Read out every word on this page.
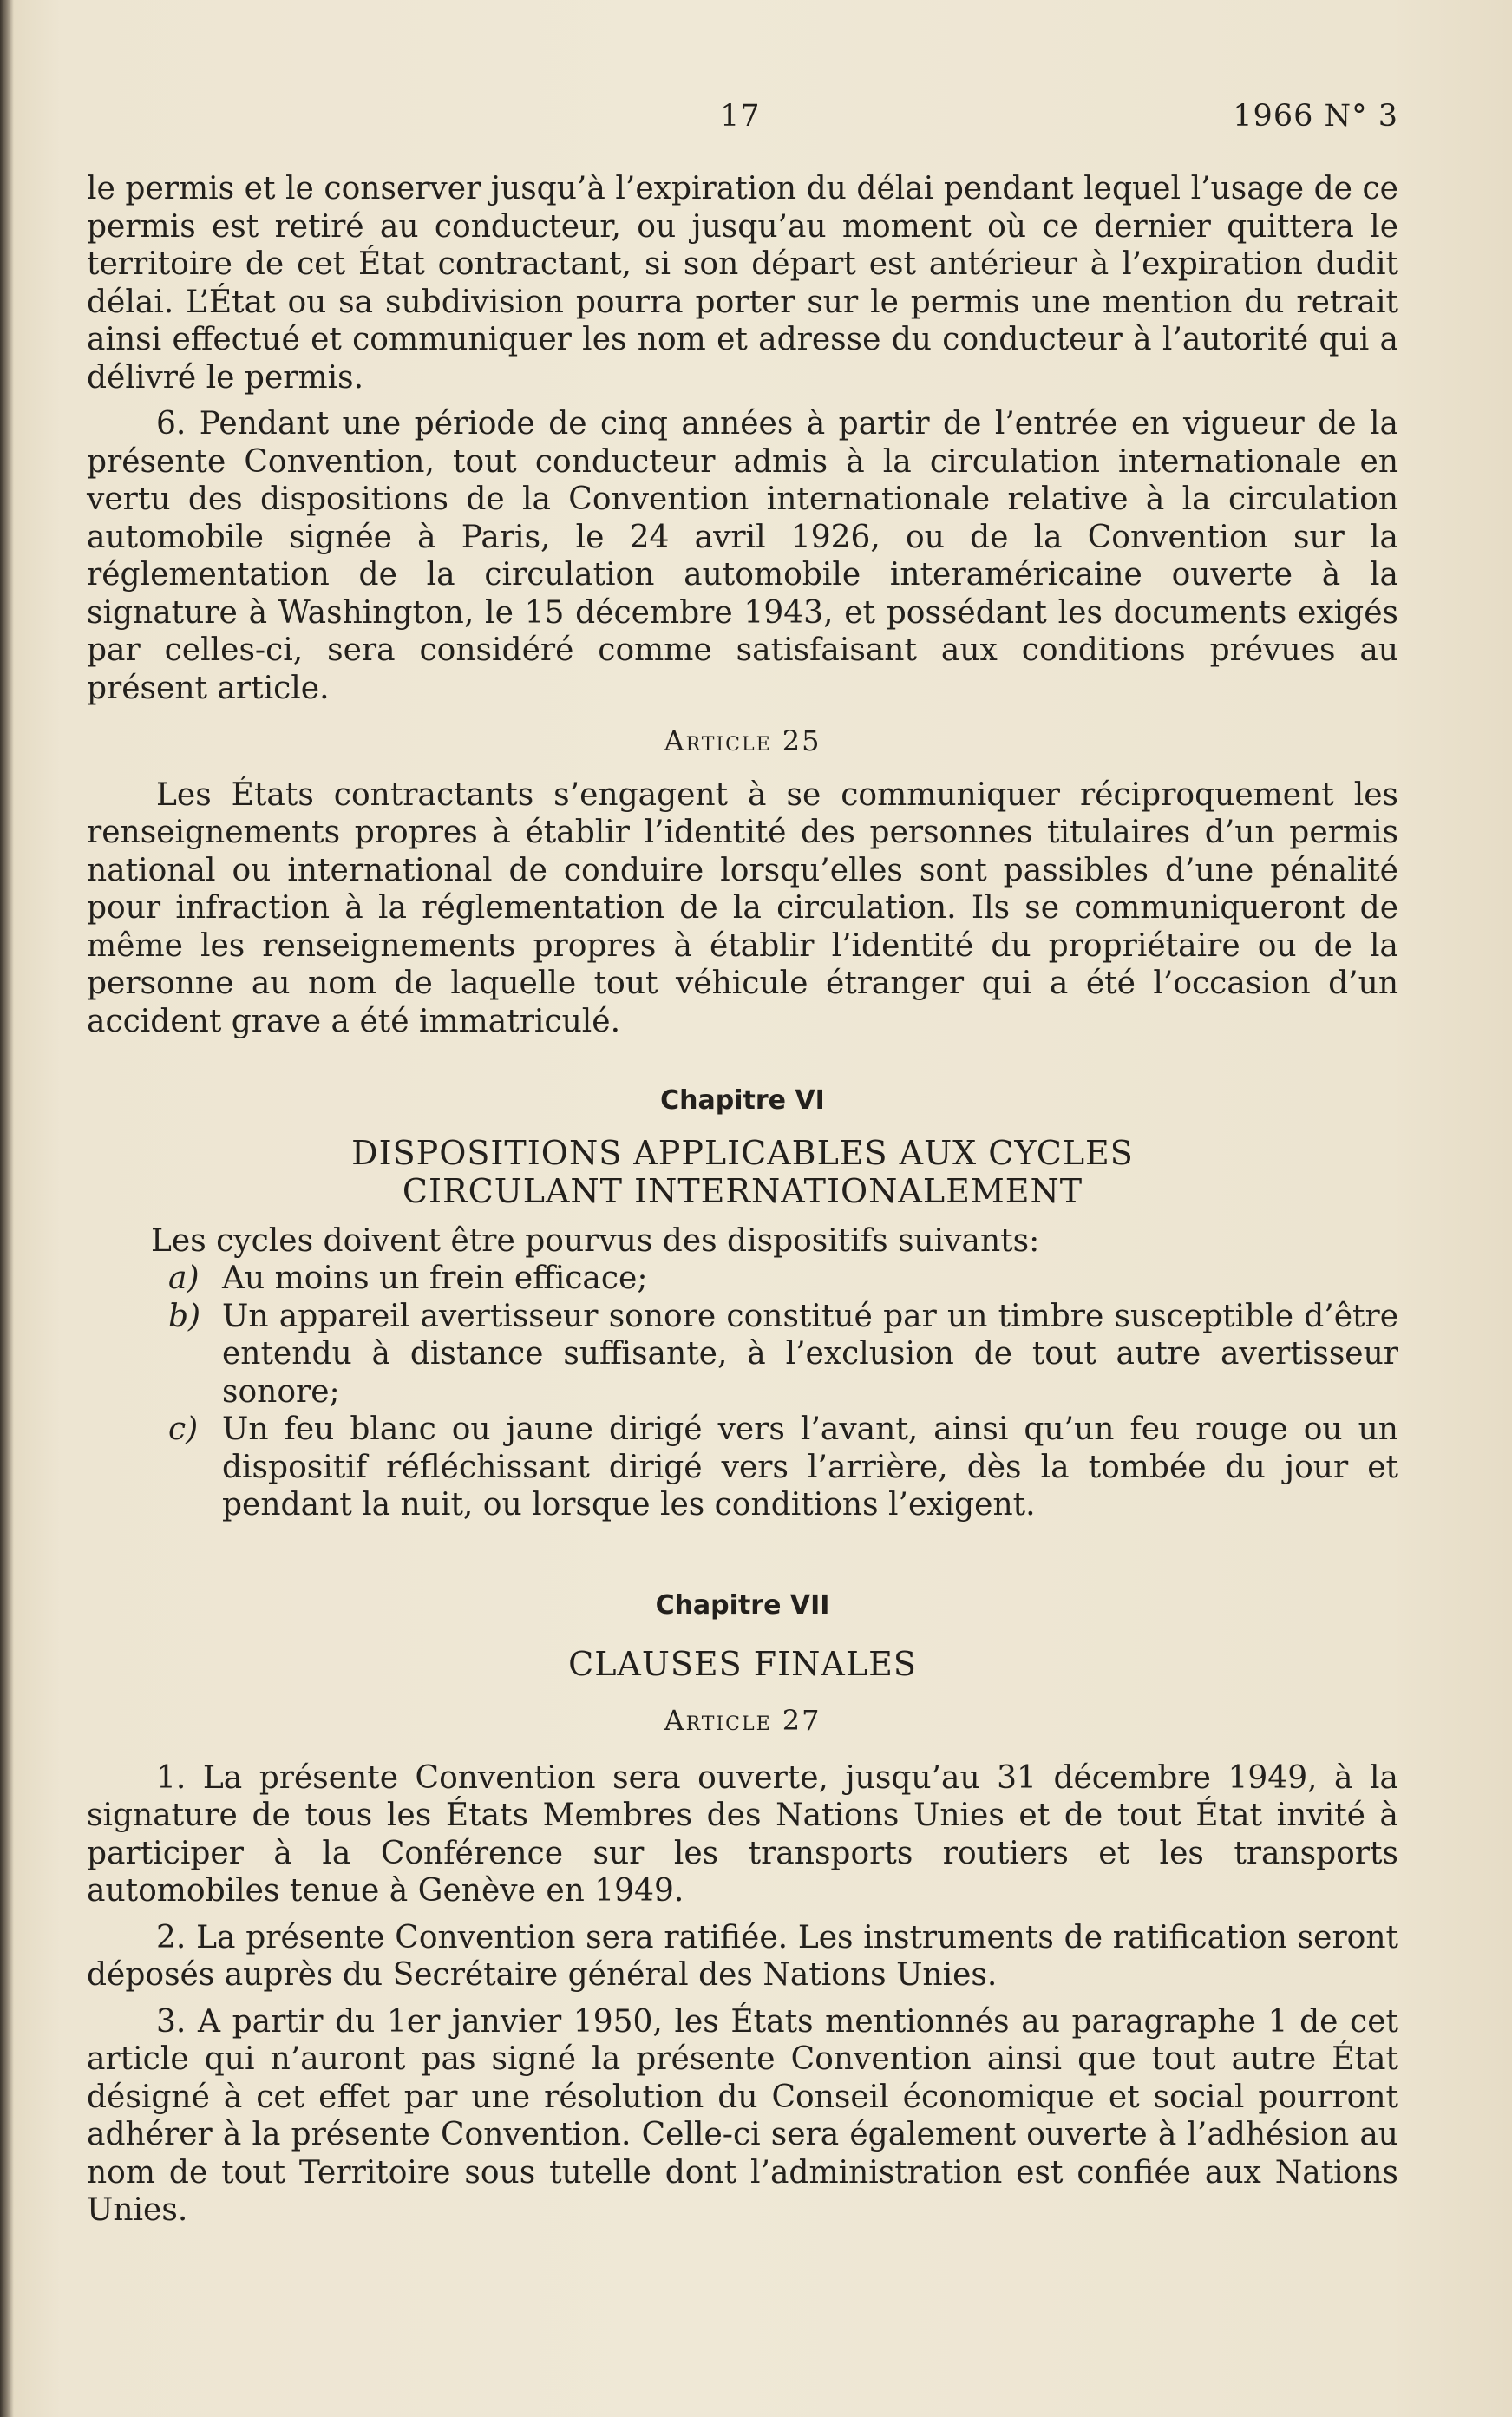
17	1966 N° 3

le permis et le conserver jusqu’à l’expiration du délai pendant lequel l’usage de ce permis est retiré au conducteur, ou jusqu’au moment où ce dernier quittera le territoire de cet État contractant, si son départ est antérieur à l’expiration dudit délai. L’État ou sa subdivision pourra porter sur le permis une mention du retrait ainsi effectué et communiquer les nom et adresse du conducteur à l’autorité qui a délivré le permis.

6. Pendant une période de cinq années à partir de l’entrée en vigueur de la présente Convention, tout conducteur admis à la circulation internationale en vertu des dispositions de la Convention internationale relative à la circulation automobile signée à Paris, le 24 avril 1926, ou de la Convention sur la réglementation de la circulation automobile interaméricaine ouverte à la signature à Washington, le 15 décembre 1943, et possédant les documents exigés par celles-ci, sera considéré comme satisfaisant aux conditions prévues au présent article.

Article 25

Les États contractants s’engagent à se communiquer réciproquement les renseignements propres à établir l’identité des personnes titulaires d’un permis national ou international de conduire lorsqu’elles sont passibles d’une pénalité pour infraction à la réglementation de la circulation. Ils se communiqueront de même les renseignements propres à établir l’identité du propriétaire ou de la personne au nom de laquelle tout véhicule étranger qui a été l’occasion d’un accident grave a été immatriculé.

Chapitre VI

DISPOSITIONS APPLICABLES AUX CYCLES

CIRCULANT INTERNATIONALEMENT

Les cycles doivent être pourvus des dispositifs suivants:

a) Au moins un frein efficace;
b) Un appareil avertisseur sonore constitué par un timbre susceptible d’être entendu à distance suffisante, à l’exclusion de tout autre avertisseur sonore;
c) Un feu blanc ou jaune dirigé vers l’avant, ainsi qu’un feu rouge ou un dispositif réfléchissant dirigé vers l’arrière, dès la tombée du jour et pendant la nuit, ou lorsque les conditions l’exigent.

Chapitre VII

CLAUSES FINALES

Article 27

1. La présente Convention sera ouverte, jusqu’au 31 décembre 1949, à la signature de tous les États Membres des Nations Unies et de tout État invité à participer à la Conférence sur les transports routiers et les transports automobiles tenue à Genève en 1949.

2. La présente Convention sera ratifiée. Les instruments de ratification seront déposés auprès du Secrétaire général des Nations Unies.

3. A partir du 1er janvier 1950, les États mentionnés au paragraphe 1 de cet article qui n’auront pas signé la présente Convention ainsi que tout autre État désigné à cet effet par une résolution du Conseil économique et social pourront adhérer à la présente Convention. Celle-ci sera également ouverte à l’adhésion au nom de tout Territoire sous tutelle dont l’administration est confiée aux Nations Unies.
